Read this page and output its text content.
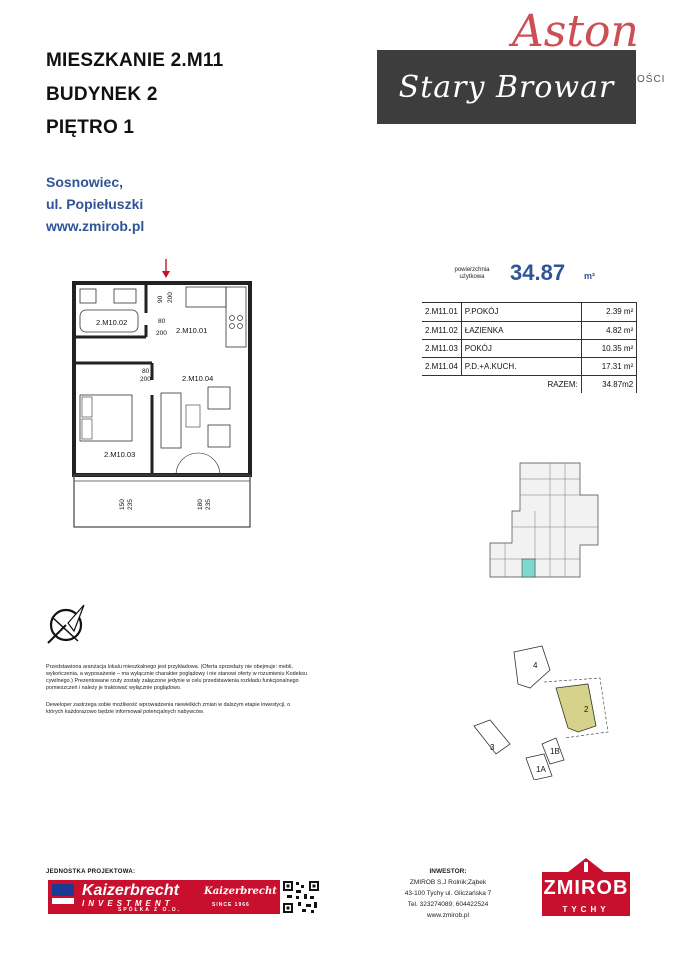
MIESZKANIE 2.M11
BUDYNEK 2
PIĘTRO 1
Sosnowiec,
ul. Popiełuszki
www.zmirob.pl
Stary Browar
Aston
OŚCI
powierzchnia
użytkowa 34.87 m²
2.M11.01	P.POKÓJ	2.39 m²
2.M11.02	ŁAZIENKA	4.82 m²
2.M11.03	POKÓJ	10.35 m²
2.M11.04	P.D.+A.KUCH.	17.31 m²
	RAZEM:	34.87m2
2.M10.02
2.M10.01
2.M10.04
2.M10.03
80
200
80
200
90 200
150 235	180 235
Przedstawiona aranżacja lokalu mieszkalnego jest przykładowa. (Oferta sprzedaży nie obejmuje: mebli, wykończenia, a wyposażenie – ma wyłącznie charakter poglądowy i nie stanowi oferty w rozumieniu Kodeksu cywilnego.) Prezentowane rzuty zostały załączone jedynie w celu przedstawienia rozkładu funkcjonalnego pomieszczeń i należy je traktować wyłącznie poglądowo.
Deweloper zastrzega sobie możliwość wprowadzenia niewielkich zmian w dalszym etapie inwestycji, o których każdorazowo będzie informował potencjalnych nabywców.
4
2
3	1B
1A
JEDNOSTKA PROJEKTOWA:
Kaizerbrecht
INVESTMENT
SPÓŁKA Z O.O.
Kaizerbrecht
SINCE 1966
INWESTOR:
ZMIROB S.J Rolnik;Ząbek
43-100 Tychy ul. Gliczańska 7
Tel. 323274089; 604422524
www.zmirob.pl
ZMIROB
TYCHY
